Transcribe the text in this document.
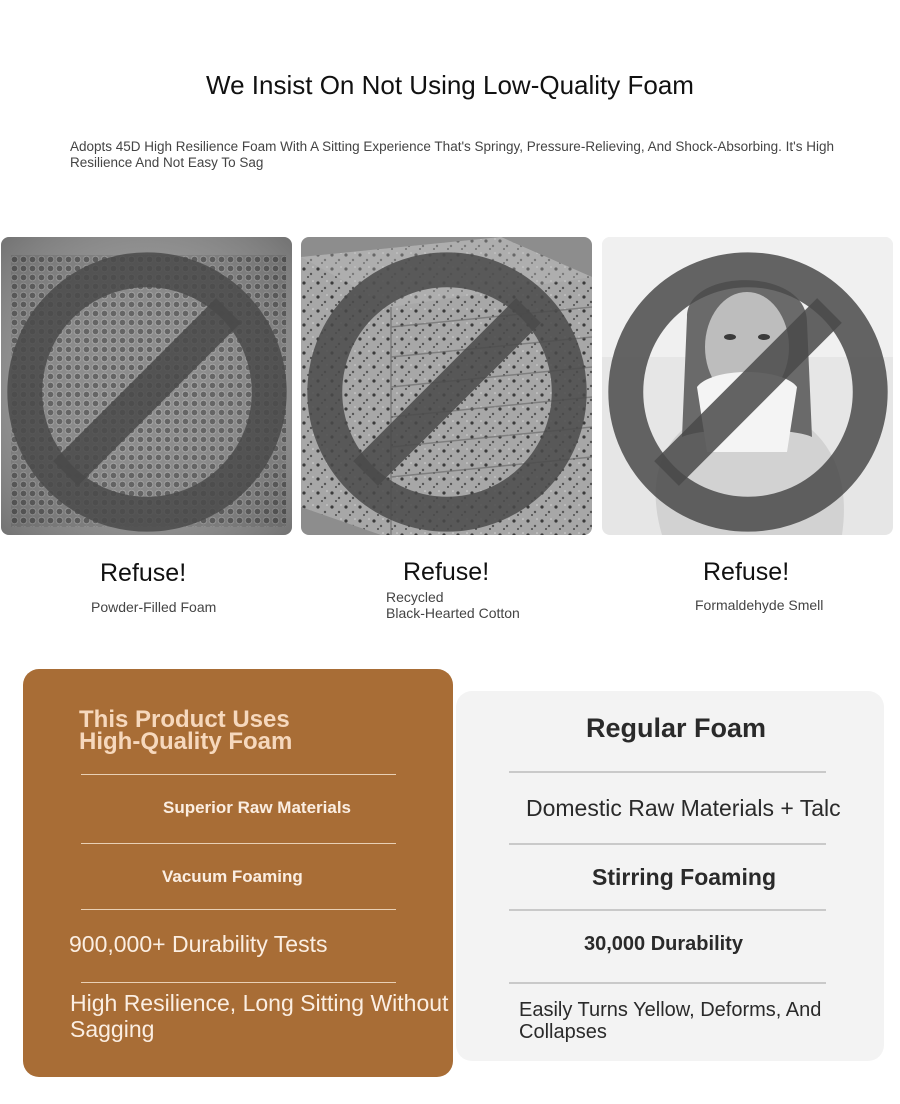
We Insist On Not Using Low-Quality Foam

Adopts 45D High Resilience Foam With A Sitting Experience That's Springy, Pressure-Relieving, And Shock-Absorbing. It's High Resilience And Not Easy To Sag

Refuse!
Powder-Filled Foam
Refuse!
Recycled
Black-Hearted Cotton
Refuse!
Formaldehyde Smell
This Product Uses
High-Quality Foam
Superior Raw Materials
Vacuum Foaming
900,000+ Durability Tests
High Resilience, Long Sitting Without Sagging
Regular Foam
Domestic Raw Materials + Talc
Stirring Foaming
30,000 Durability
Easily Turns Yellow, Deforms, And Collapses
